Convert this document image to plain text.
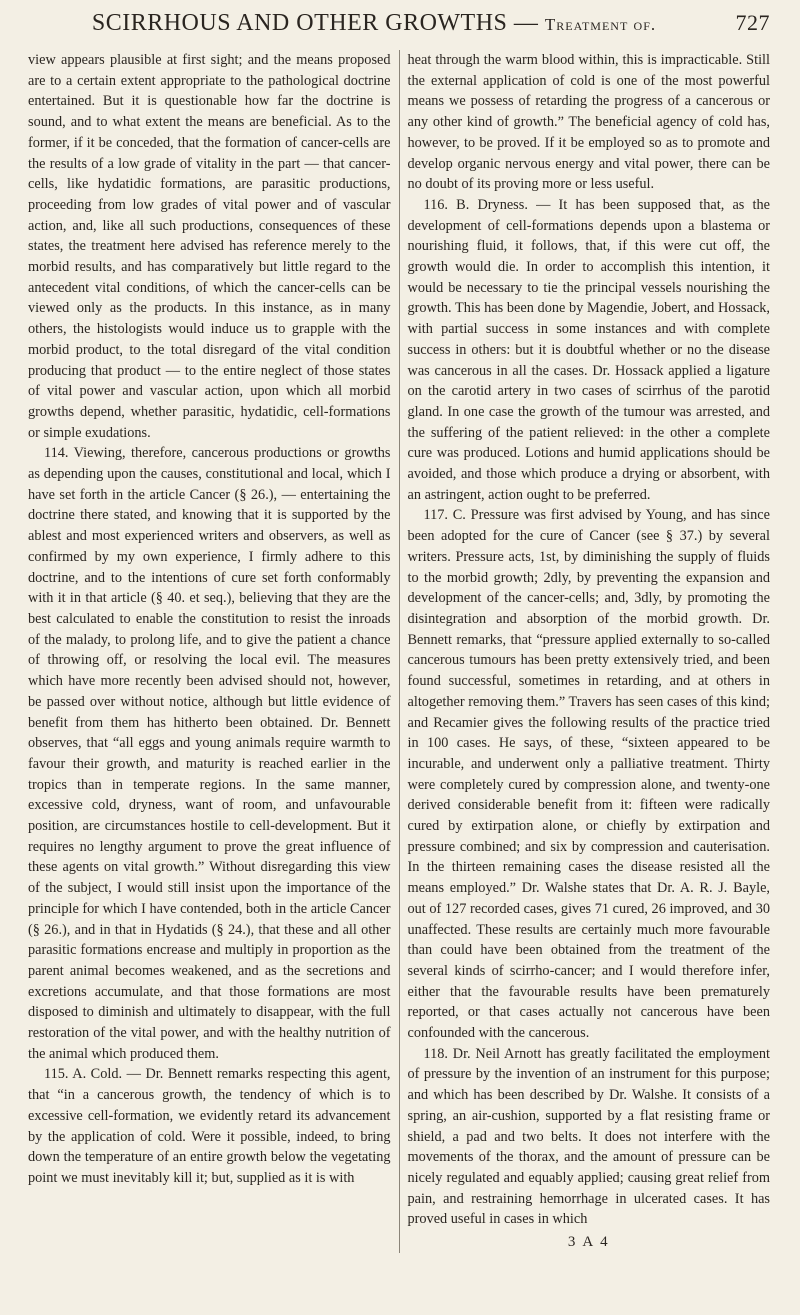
SCIRRHOUS AND OTHER GROWTHS — Treatment of.	727

view appears plausible at first sight; and the means proposed are to a certain extent appropriate to the pathological doctrine entertained. But it is questionable how far the doctrine is sound, and to what extent the means are beneficial. As to the former, if it be conceded, that the formation of cancer-cells are the results of a low grade of vitality in the part — that cancer-cells, like hydatidic formations, are parasitic productions, proceeding from low grades of vital power and of vascular action, and, like all such productions, consequences of these states, the treatment here advised has reference merely to the morbid results, and has comparatively but little regard to the antecedent vital conditions, of which the cancer-cells can be viewed only as the products. In this instance, as in many others, the histologists would induce us to grapple with the morbid product, to the total disregard of the vital condition producing that product — to the entire neglect of those states of vital power and vascular action, upon which all morbid growths depend, whether parasitic, hydatidic, cell-formations or simple exudations.

114. Viewing, therefore, cancerous productions or growths as depending upon the causes, constitutional and local, which I have set forth in the article Cancer (§ 26.), — entertaining the doctrine there stated, and knowing that it is supported by the ablest and most experienced writers and observers, as well as confirmed by my own experience, I firmly adhere to this doctrine, and to the intentions of cure set forth conformably with it in that article (§ 40. et seq.), believing that they are the best calculated to enable the constitution to resist the inroads of the malady, to prolong life, and to give the patient a chance of throwing off, or resolving the local evil. The measures which have more recently been advised should not, however, be passed over without notice, although but little evidence of benefit from them has hitherto been obtained. Dr. Bennett observes, that “all eggs and young animals require warmth to favour their growth, and maturity is reached earlier in the tropics than in temperate regions. In the same manner, excessive cold, dryness, want of room, and unfavourable position, are circumstances hostile to cell-development. But it requires no lengthy argument to prove the great influence of these agents on vital growth.” Without disregarding this view of the subject, I would still insist upon the importance of the principle for which I have contended, both in the article Cancer (§ 26.), and in that in Hydatids (§ 24.), that these and all other parasitic formations encrease and multiply in proportion as the parent animal becomes weakened, and as the secretions and excretions accumulate, and that those formations are most disposed to diminish and ultimately to disappear, with the full restoration of the vital power, and with the healthy nutrition of the animal which produced them.

115. A. Cold. — Dr. Bennett remarks respecting this agent, that “in a cancerous growth, the tendency of which is to excessive cell-formation, we evidently retard its advancement by the application of cold. Were it possible, indeed, to bring down the temperature of an entire growth below the vegetating point we must inevitably kill it; but, supplied as it is with

heat through the warm blood within, this is impracticable. Still the external application of cold is one of the most powerful means we possess of retarding the progress of a cancerous or any other kind of growth.” The beneficial agency of cold has, however, to be proved. If it be employed so as to promote and develop organic nervous energy and vital power, there can be no doubt of its proving more or less useful.

116. B. Dryness. — It has been supposed that, as the development of cell-formations depends upon a blastema or nourishing fluid, it follows, that, if this were cut off, the growth would die. In order to accomplish this intention, it would be necessary to tie the principal vessels nourishing the growth. This has been done by Magendie, Jobert, and Hossack, with partial success in some instances and with complete success in others: but it is doubtful whether or no the disease was cancerous in all the cases. Dr. Hossack applied a ligature on the carotid artery in two cases of scirrhus of the parotid gland. In one case the growth of the tumour was arrested, and the suffering of the patient relieved: in the other a complete cure was produced. Lotions and humid applications should be avoided, and those which produce a drying or absorbent, with an astringent, action ought to be preferred.

117. C. Pressure was first advised by Young, and has since been adopted for the cure of Cancer (see § 37.) by several writers. Pressure acts, 1st, by diminishing the supply of fluids to the morbid growth; 2dly, by preventing the expansion and development of the cancer-cells; and, 3dly, by promoting the disintegration and absorption of the morbid growth. Dr. Bennett remarks, that “pressure applied externally to so-called cancerous tumours has been pretty extensively tried, and been found successful, sometimes in retarding, and at others in altogether removing them.” Travers has seen cases of this kind; and Recamier gives the following results of the practice tried in 100 cases. He says, of these, “sixteen appeared to be incurable, and underwent only a palliative treatment. Thirty were completely cured by compression alone, and twenty-one derived considerable benefit from it: fifteen were radically cured by extirpation alone, or chiefly by extirpation and pressure combined; and six by compression and cauterisation. In the thirteen remaining cases the disease resisted all the means employed.” Dr. Walshe states that Dr. A. R. J. Bayle, out of 127 recorded cases, gives 71 cured, 26 improved, and 30 unaffected. These results are certainly much more favourable than could have been obtained from the treatment of the several kinds of scirrho-cancer; and I would therefore infer, either that the favourable results have been prematurely reported, or that cases actually not cancerous have been confounded with the cancerous.

118. Dr. Neil Arnott has greatly facilitated the employment of pressure by the invention of an instrument for this purpose; and which has been described by Dr. Walshe. It consists of a spring, an air-cushion, supported by a flat resisting frame or shield, a pad and two belts. It does not interfere with the movements of the thorax, and the amount of pressure can be nicely regulated and equably applied; causing great relief from pain, and restraining hemorrhage in ulcerated cases. It has proved useful in cases in which

3 A 4
